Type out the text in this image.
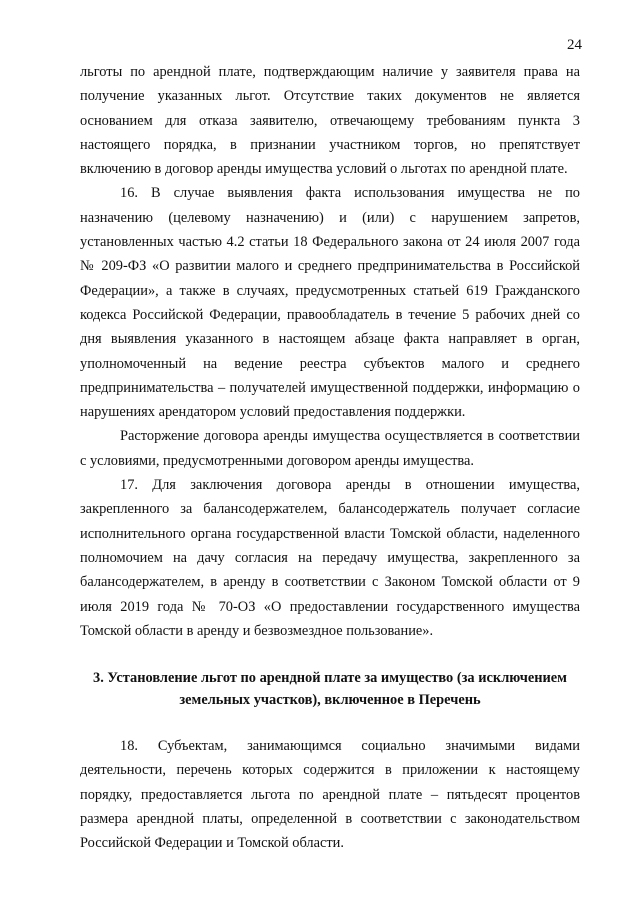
24

льготы по арендной плате, подтверждающим наличие у заявителя права на получение указанных льгот. Отсутствие таких документов не является основанием для отказа заявителю, отвечающему требованиям пункта 3 настоящего порядка, в признании участником торгов, но препятствует включению в договор аренды имущества условий о льготах по арендной плате.

16. В случае выявления факта использования имущества не по назначению (целевому назначению) и (или) с нарушением запретов, установленных частью 4.2 статьи 18 Федерального закона от 24 июля 2007 года № 209-ФЗ «О развитии малого и среднего предпринимательства в Российской Федерации», а также в случаях, предусмотренных статьей 619 Гражданского кодекса Российской Федерации, правообладатель в течение 5 рабочих дней со дня выявления указанного в настоящем абзаце факта направляет в орган, уполномоченный на ведение реестра субъектов малого и среднего предпринимательства – получателей имущественной поддержки, информацию о нарушениях арендатором условий предоставления поддержки.

Расторжение договора аренды имущества осуществляется в соответствии с условиями, предусмотренными договором аренды имущества.

17. Для заключения договора аренды в отношении имущества, закрепленного за балансодержателем, балансодержатель получает согласие исполнительного органа государственной власти Томской области, наделенного полномочием на дачу согласия на передачу имущества, закрепленного за балансодержателем, в аренду в соответствии с Законом Томской области от 9 июля 2019 года № 70-ОЗ «О предоставлении государственного имущества Томской области в аренду и безвозмездное пользование».

3. Установление льгот по арендной плате за имущество (за исключением земельных участков), включенное в Перечень

18. Субъектам, занимающимся социально значимыми видами деятельности, перечень которых содержится в приложении к настоящему порядку, предоставляется льгота по арендной плате – пятьдесят процентов размера арендной платы, определенной в соответствии с законодательством Российской Федерации и Томской области.
